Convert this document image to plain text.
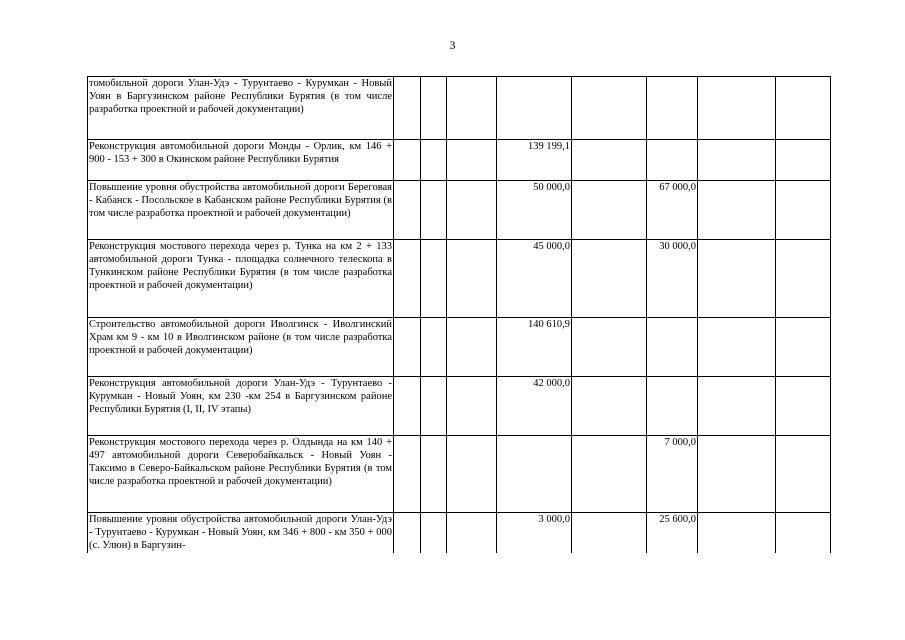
3
томобильной дороги Улан-Удэ - Турунтаево - Курумкан - Новый Уоян в Баргузинском районе Республики Бурятия (в том числе разработка проектной и рабочей документации)								
Реконструкция автомобильной дороги Монды - Орлик, км 146 + 900 - 153 + 300 в Окинском районе Республики Бурятия				139 199,1				
Повышение уровня обустройства автомобильной дороги Береговая - Кабанск - Посольское в Кабанском районе Республики Бурятия (в том числе разработка проектной и рабочей документации)				50 000,0		67 000,0		
Реконструкция мостового перехода через р. Тунка на км 2 + 133 автомобильной дороги Тунка - площадка солнечного телескопа в Тункинском районе Республики Бурятия (в том числе разработка проектной и рабочей документации)				45 000,0		30 000,0		
Строительство автомобильной дороги Иволгинск - Иволгинский Храм км 9 - км 10 в Иволгинском районе (в том числе разработка проектной и рабочей документации)				140 610,9				
Реконструкция автомобильной дороги Улан-Удэ - Турунтаево - Курумкан - Новый Уоян, км 230 -км 254 в Баргузинском районе Республики Бурятия (I, II, IV этапы)				42 000,0				
Реконструкция мостового перехода через р. Олдында на км 140 + 497 автомобильной дороги Северобайкальск - Новый Уоян - Таксимо в Северо-Байкальском районе Республики Бурятия (в том числе разработка проектной и рабочей документации)						7 000,0		
Повышение уровня обустройства автомобильной дороги Улан-Удэ - Турунтаево - Курумкан - Новый Уоян, км 346 + 800 - км 350 + 000 (с. Улюн) в Баргузин-				3 000,0		25 600,0		
